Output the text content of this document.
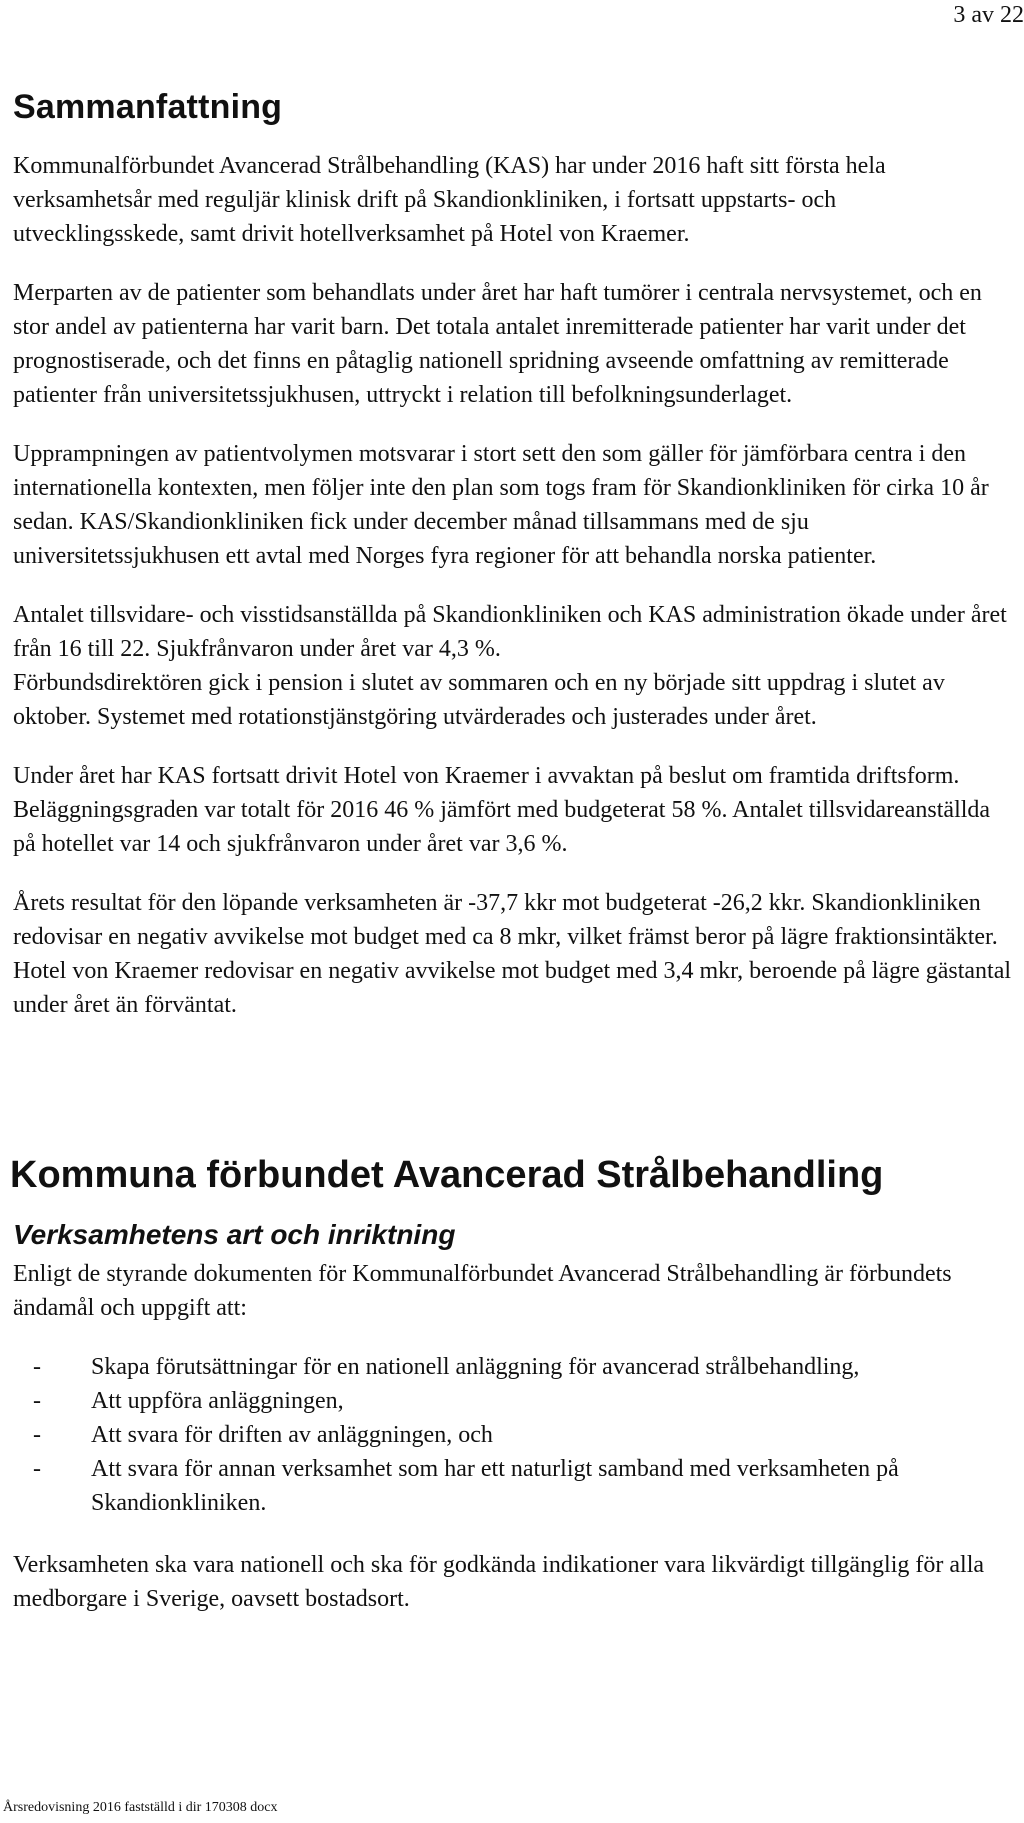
3 av 22
Sammanfattning

Kommunalförbundet Avancerad Strålbehandling (KAS) har under 2016 haft sitt första hela verksamhetsår med reguljär klinisk drift på Skandionkliniken, i fortsatt uppstarts- och utvecklingsskede, samt drivit hotellverksamhet på Hotel von Kraemer.

Merparten av de patienter som behandlats under året har haft tumörer i centrala nervsystemet, och en stor andel av patienterna har varit barn. Det totala antalet inremitterade patienter har varit under det prognostiserade, och det finns en påtaglig nationell spridning avseende omfattning av remitterade patienter från universitetssjukhusen, uttryckt i relation till befolkningsunderlaget.

Upprampningen av patientvolymen motsvarar i stort sett den som gäller för jämförbara centra i den internationella kontexten, men följer inte den plan som togs fram för Skandionkliniken för cirka 10 år sedan. KAS/Skandionkliniken fick under december månad tillsammans med de sju universitetssjukhusen ett avtal med Norges fyra regioner för att behandla norska patienter.

Antalet tillsvidare- och visstidsanställda på Skandionkliniken och KAS administration ökade under året från 16 till 22. Sjukfrånvaron under året var 4,3 %.

Förbundsdirektören gick i pension i slutet av sommaren och en ny började sitt uppdrag i slutet av oktober. Systemet med rotationstjänstgöring utvärderades och justerades under året.

Under året har KAS fortsatt drivit Hotel von Kraemer i avvaktan på beslut om framtida driftsform. Beläggningsgraden var totalt för 2016 46 % jämfört med budgeterat 58 %. Antalet tillsvidareanställda på hotellet var 14 och sjukfrånvaron under året var 3,6 %.

Årets resultat för den löpande verksamheten är -37,7 kkr mot budgeterat -26,2 kkr. Skandionkliniken redovisar en negativ avvikelse mot budget med ca 8 mkr, vilket främst beror på lägre fraktionsintäkter. Hotel von Kraemer redovisar en negativ avvikelse mot budget med 3,4 mkr, beroende på lägre gästantal under året än förväntat.

Kommuna förbundet Avancerad Strålbehandling
Verksamhetens art och inriktning

Enligt de styrande dokumenten för Kommunalförbundet Avancerad Strålbehandling är förbundets ändamål och uppgift att:

- Skapa förutsättningar för en nationell anläggning för avancerad strålbehandling,
- Att uppföra anläggningen,
- Att svara för driften av anläggningen, och
- Att svara för annan verksamhet som har ett naturligt samband med verksamheten på Skandionkliniken.

Verksamheten ska vara nationell och ska för godkända indikationer vara likvärdigt tillgänglig för alla medborgare i Sverige, oavsett bostadsort.

Årsredovisning 2016 fastställd i dir 170308 docx
